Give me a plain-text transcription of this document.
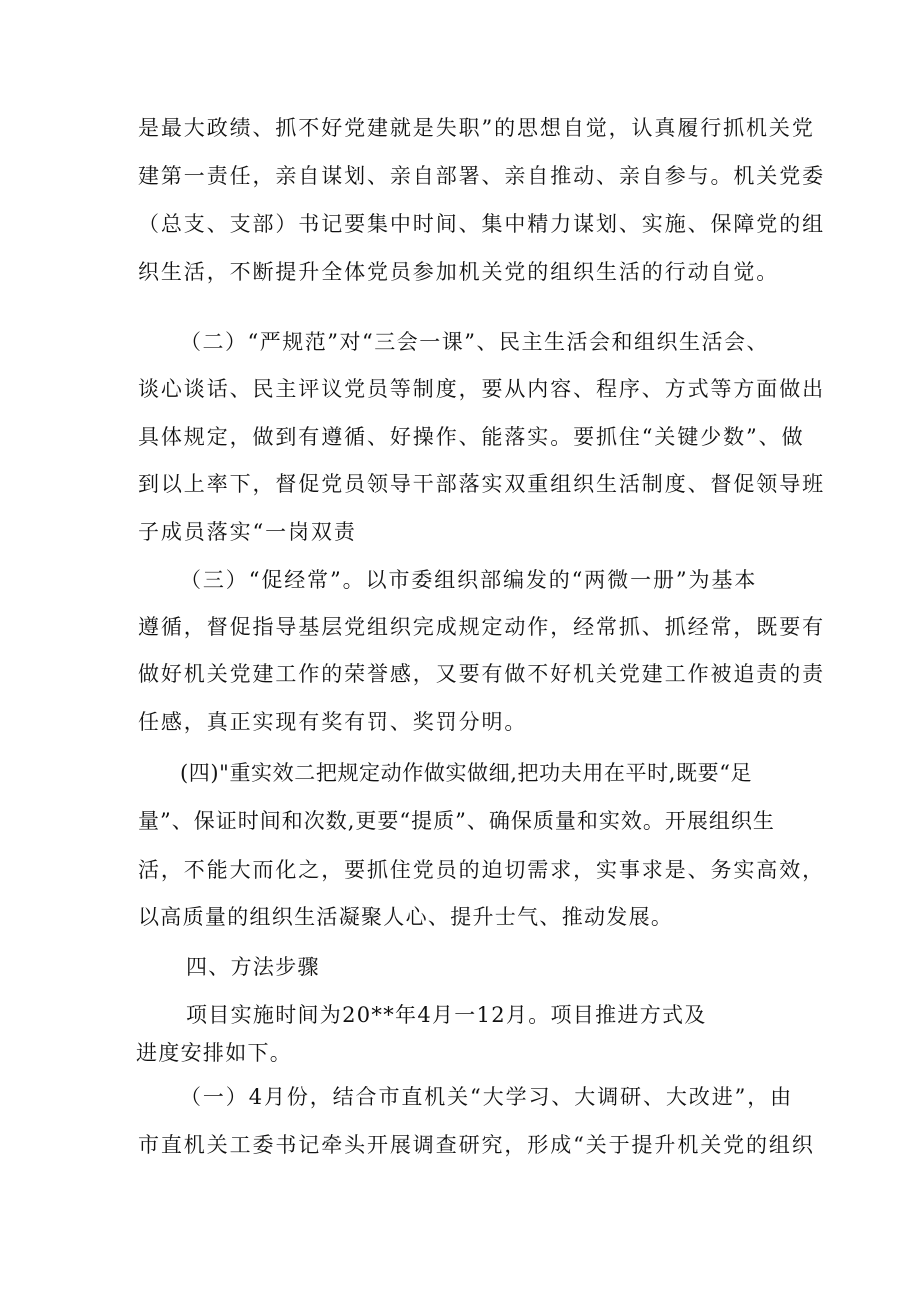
是最大政绩、抓不好党建就是失职”的思想自觉，认真履行抓机关党
建第一责任，亲自谋划、亲自部署、亲自推动、亲自参与。机关党委
（总支、支部）书记要集中时间、集中精力谋划、实施、保障党的组
织生活，不断提升全体党员参加机关党的组织生活的行动自觉。
（二）“严规范”对“三会一课”、民主生活会和组织生活会、
谈心谈话、民主评议党员等制度，要从内容、程序、方式等方面做出
具体规定，做到有遵循、好操作、能落实。要抓住“关键少数”、做
到以上率下，督促党员领导干部落实双重组织生活制度、督促领导班
子成员落实“一岗双责
（三）“促经常”。以市委组织部编发的“两微一册”为基本
遵循，督促指导基层党组织完成规定动作，经常抓、抓经常，既要有
做好机关党建工作的荣誉感，又要有做不好机关党建工作被追责的责
任感，真正实现有奖有罚、奖罚分明。
(四)"重实效二把规定动作做实做细,把功夫用在平时,既要“足
量”、保证时间和次数,更要“提质”、确保质量和实效。开展组织生
活，不能大而化之，要抓住党员的迫切需求，实事求是、务实高效，
以高质量的组织生活凝聚人心、提升士气、推动发展。
四、方法步骤
项目实施时间为20**年4月一12月。项目推进方式及
进度安排如下。
（一）4月份，结合市直机关“大学习、大调研、大改进”，由
市直机关工委书记牵头开展调查研究，形成“关于提升机关党的组织
